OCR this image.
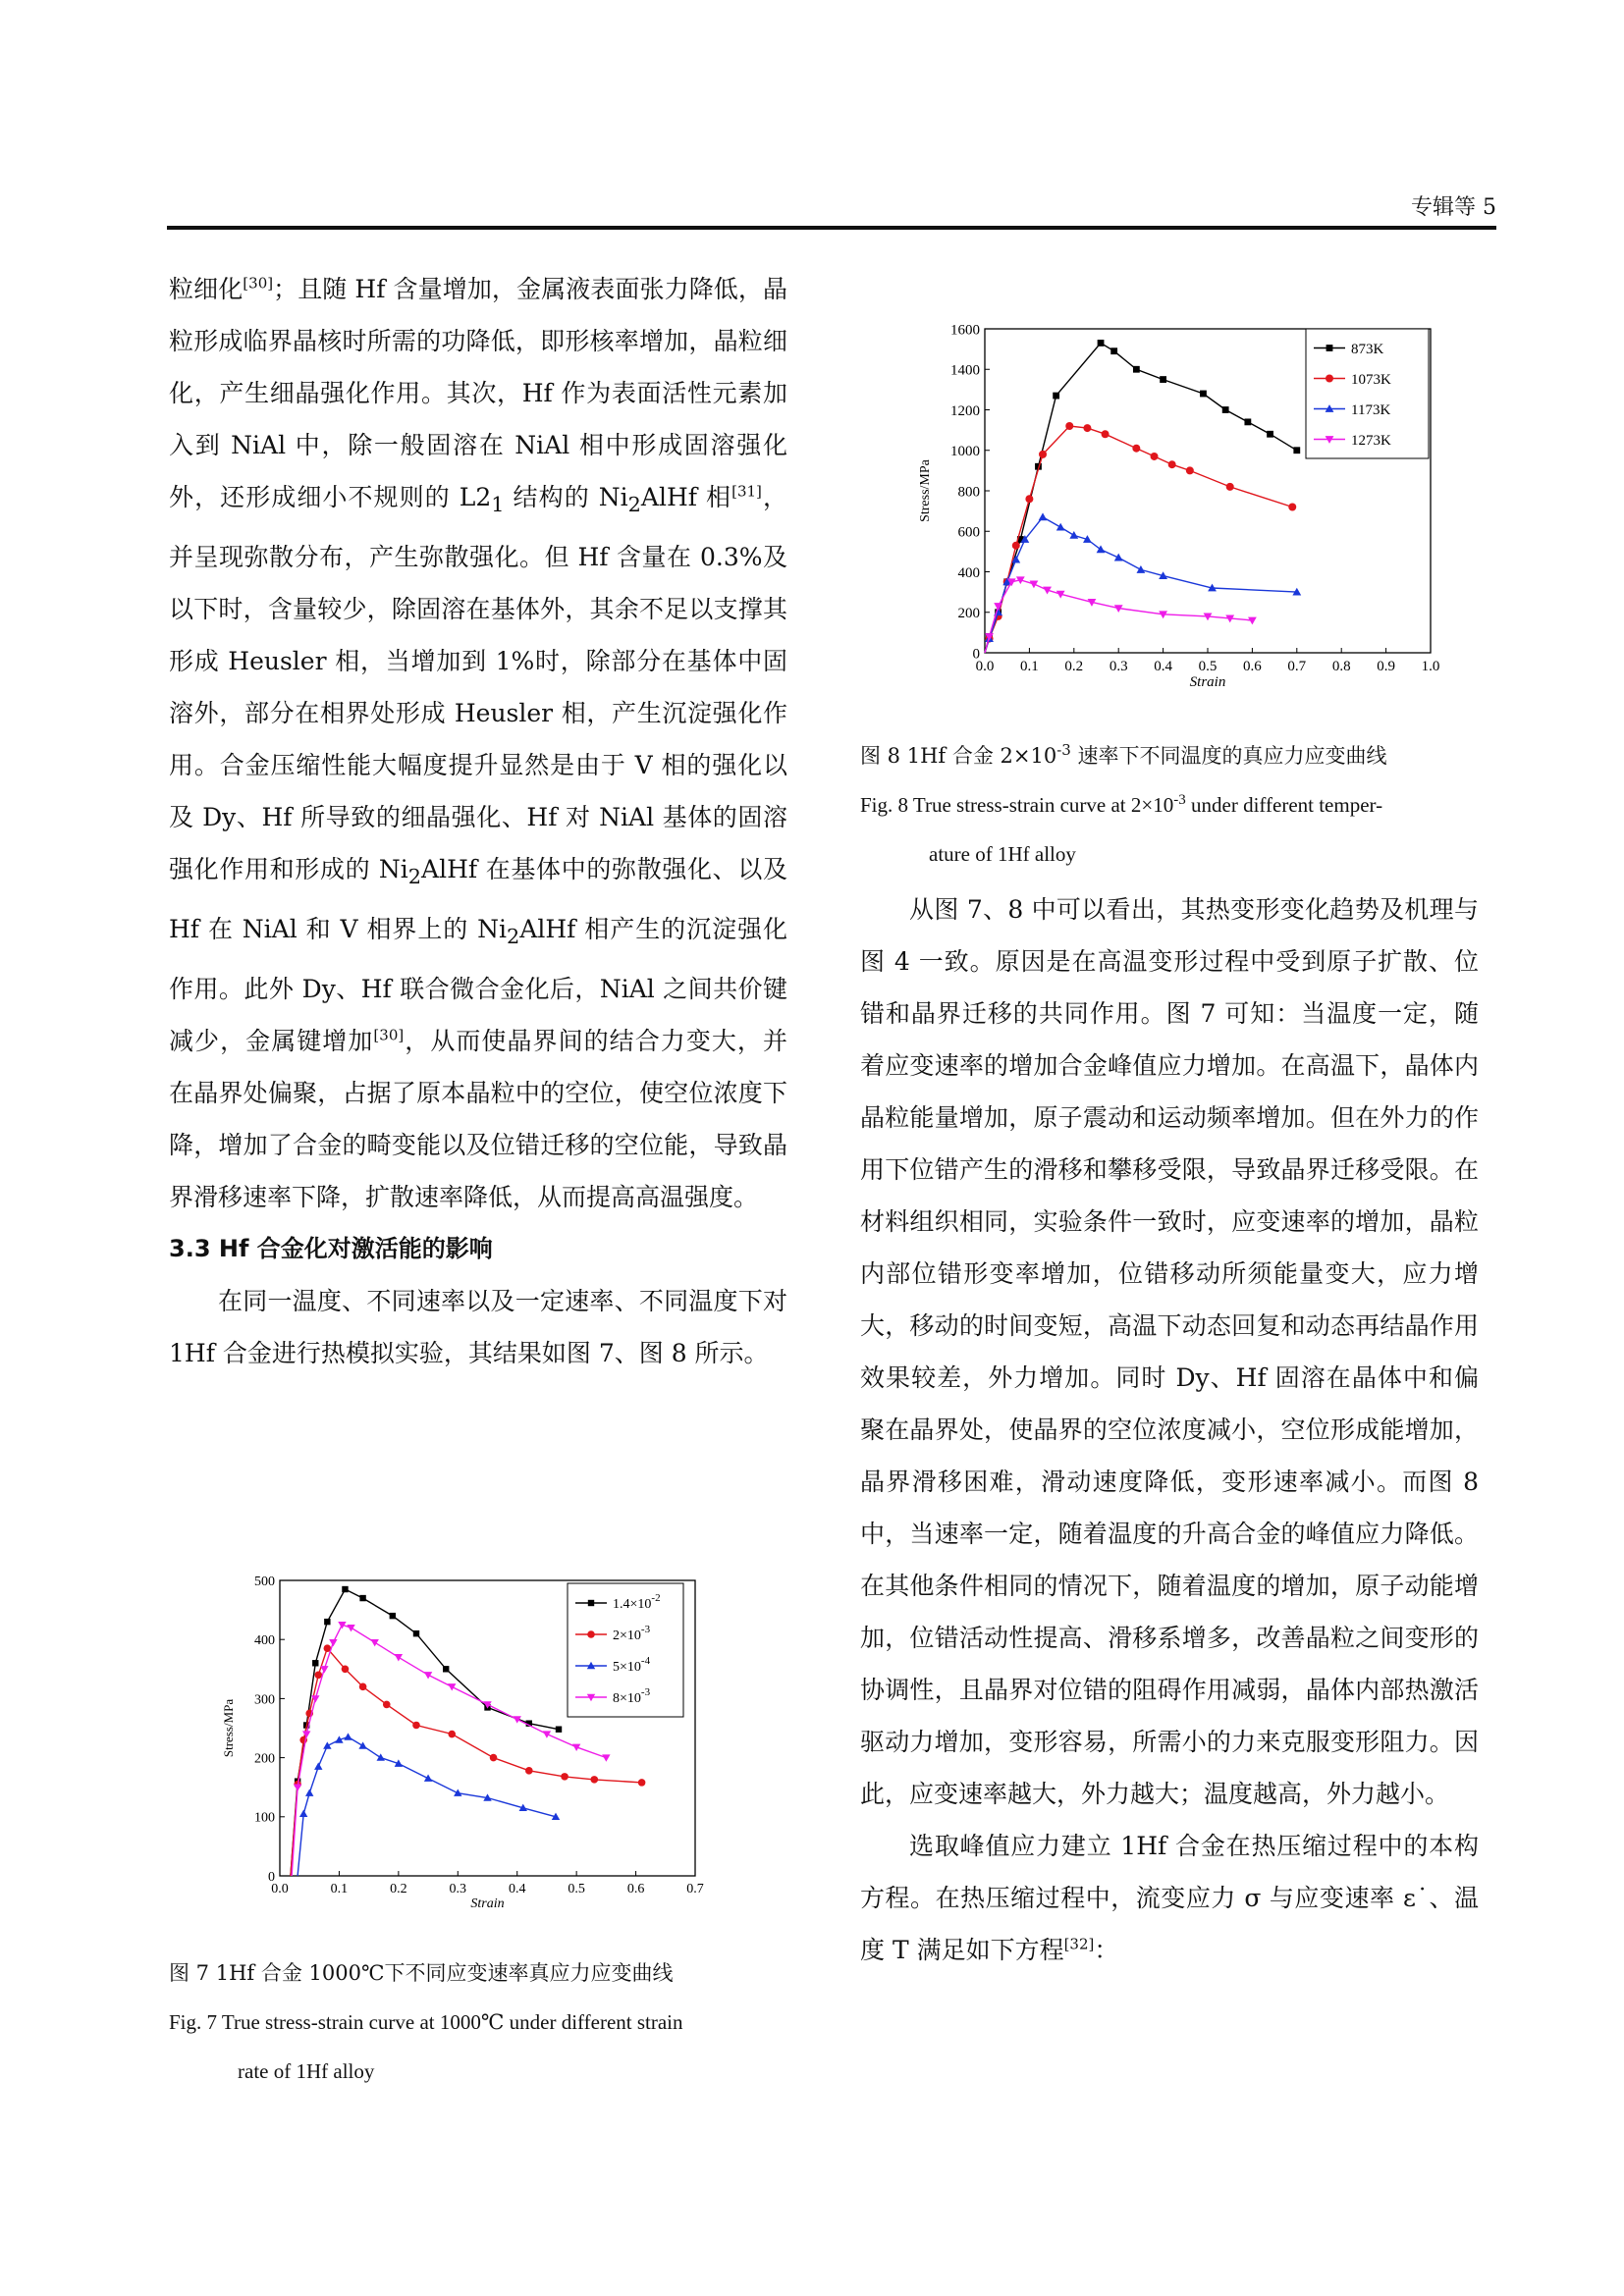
专辑等 5

粒细化[30]；且随 Hf 含量增加，金属液表面张力降低，晶粒形成临界晶核时所需的功降低，即形核率增加，晶粒细化，产生细晶强化作用。其次，Hf 作为表面活性元素加入到 NiAl 中，除一般固溶在 NiAl 相中形成固溶强化外，还形成细小不规则的 $L2_1$ 结构的 $Ni_2AlHf$ 相[31]，并呈现弥散分布，产生弥散强化。但 Hf 含量在 0.3%及以下时，含量较少，除固溶在基体外，其余不足以支撑其形成 Heusler 相，当增加到 1%时，除部分在基体中固溶外，部分在相界处形成 Heusler 相，产生沉淀强化作用。合金压缩性能大幅度提升显然是由于 V 相的强化以及 Dy、Hf 所导致的细晶强化、Hf 对 NiAl 基体的固溶强化作用和形成的 $Ni_2AlHf$ 在基体中的弥散强化、以及 Hf 在 NiAl 和 V 相界上的 $Ni_2AlHf$ 相产生的沉淀强化作用。此外 Dy、Hf 联合微合金化后，NiAl 之间共价键减少，金属键增加[30]，从而使晶界间的结合力变大，并在晶界处偏聚，占据了原本晶粒中的空位，使空位浓度下降，增加了合金的畸变能以及位错迁移的空位能，导致晶界滑移速率下降，扩散速率降低，从而提高高温强度。

3.3 Hf 合金化对激活能的影响

在同一温度、不同速率以及一定速率、不同温度下对 1Hf 合金进行热模拟实验，其结果如图 7、图 8 所示。

0.0	0.1	0.2	0.3	0.4	0.5	0.6	0.7
0
100
200
300
400
500
Strain
Stress/MPa
$1.4\times 10^{-2}$
$2\times 10^{-3}$
$5\times 10^{-4}$
$8\times 10^{-3}$
图 7 1Hf 合金 1000℃下不同应变速率真应力应变曲线
Fig. 7 True stress-strain curve at 1000℃ under different strain
rate of 1Hf alloy
0.0 0.1 0.2 0.3 0.4 0.5 0.6 0.7 0.8 0.9 1.0
0
200
400
600
800
1000
1200
1400
1600
Strain
Stress/MPa
873K
1073K
1173K
1273K
图 8 1Hf 合金 $2\times 10^{-3}$ 速率下不同温度的真应力应变曲线
Fig. 8 True stress-strain curve at $2\times 10^{-3}$ under different temper-
ature of 1Hf alloy

从图 7、8 中可以看出，其热变形变化趋势及机理与图 4 一致。原因是在高温变形过程中受到原子扩散、位错和晶界迁移的共同作用。图 7 可知：当温度一定，随着应变速率的增加合金峰值应力增加。在高温下，晶体内晶粒能量增加，原子震动和运动频率增加。但在外力的作用下位错产生的滑移和攀移受限，导致晶界迁移受限。在材料组织相同，实验条件一致时，应变速率的增加，晶粒内部位错形变率增加，位错移动所须能量变大，应力增大，移动的时间变短，高温下动态回复和动态再结晶作用效果较差，外力增加。同时 Dy、Hf 固溶在晶体中和偏聚在晶界处，使晶界的空位浓度减小，空位形成能增加，晶界滑移困难，滑动速度降低，变形速率减小。而图 8 中，当速率一定，随着温度的升高合金的峰值应力降低。在其他条件相同的情况下，随着温度的增加，原子动能增加，位错活动性提高、滑移系增多，改善晶粒之间变形的协调性，且晶界对位错的阻碍作用减弱，晶体内部热激活驱动力增加，变形容易，所需小的力来克服变形阻力。因此，应变速率越大，外力越大；温度越高，外力越小。

选取峰值应力建立 1Hf 合金在热压缩过程中的本构方程。在热压缩过程中，流变应力 σ 与应变速率 ε˙、温度 T 满足如下方程[32]：
